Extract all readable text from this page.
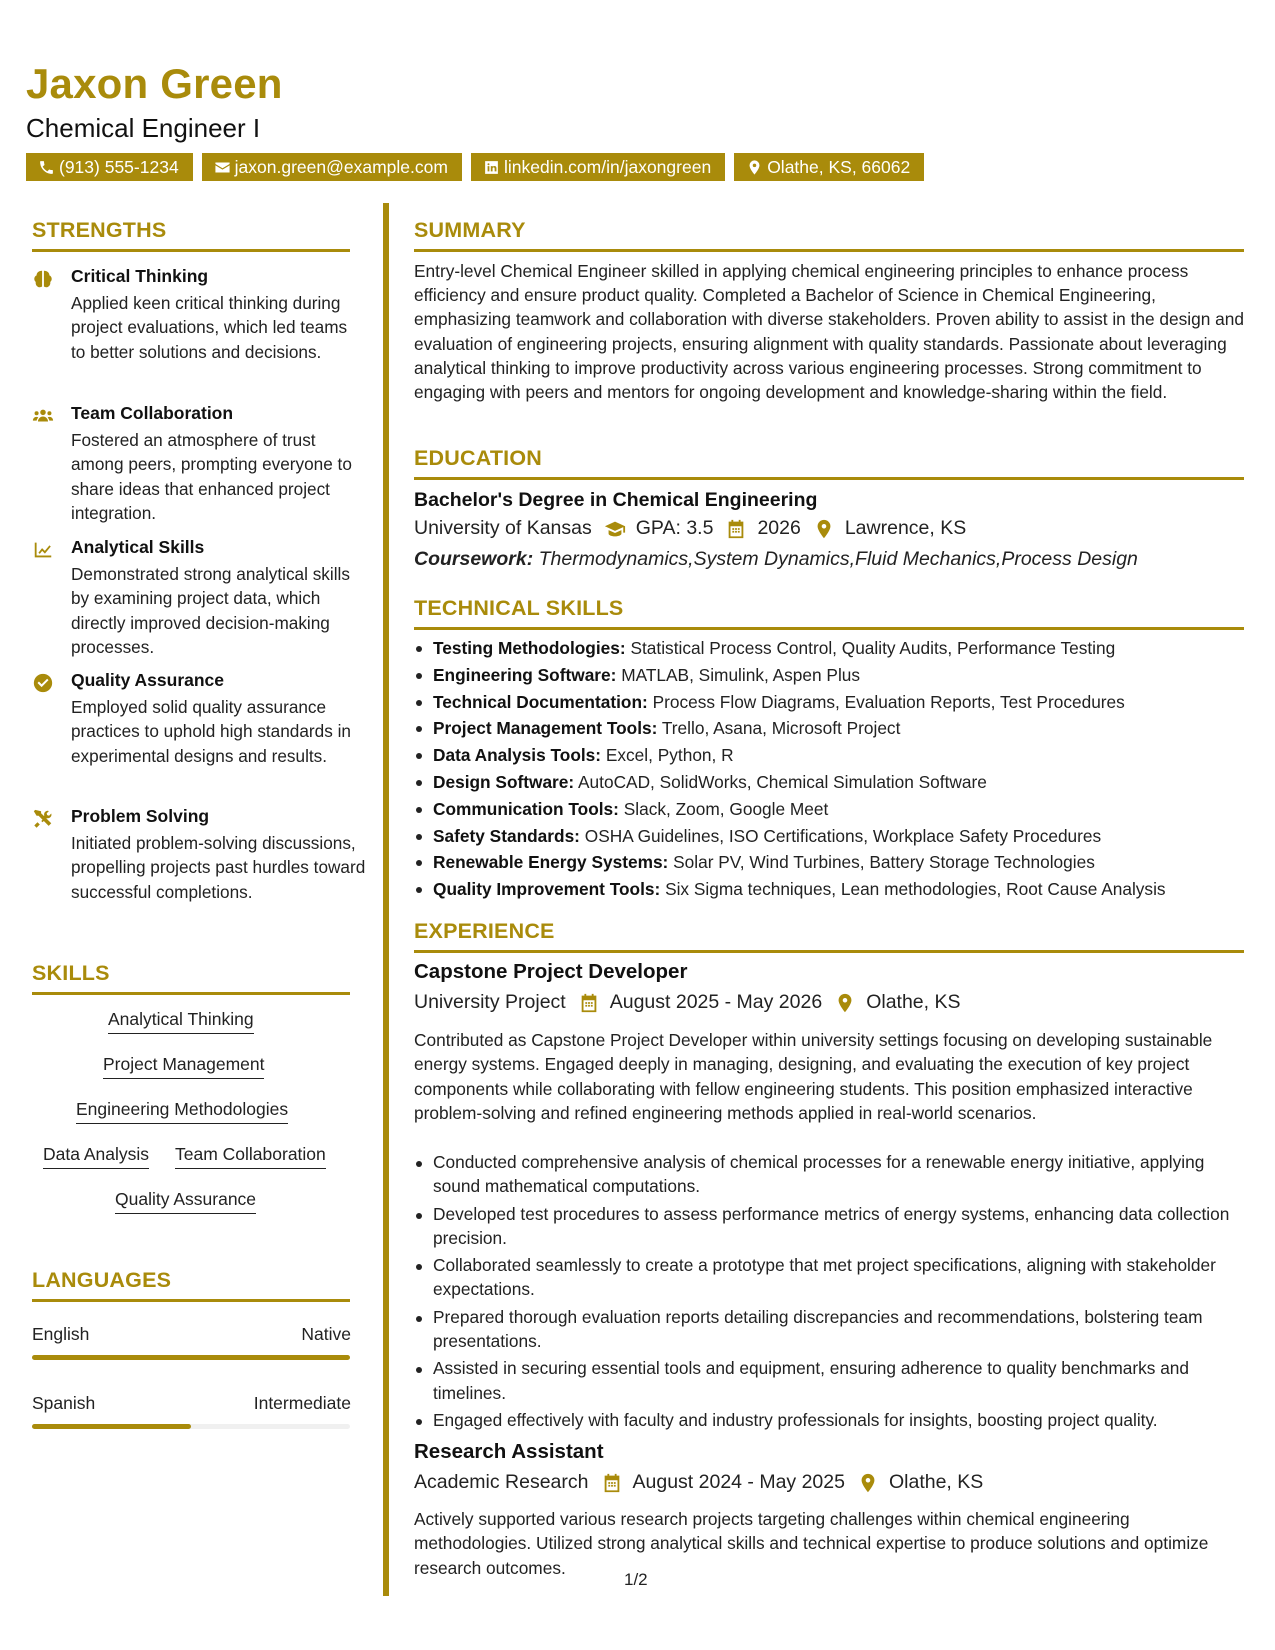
Jaxon Green
Chemical Engineer I
(913) 555-1234	jaxon.green@example.com	linkedin.com/in/jaxongreen	Olathe, KS, 66062
STRENGTHS
Critical Thinking
Applied keen critical thinking during project evaluations, which led teams to better solutions and decisions.
Team Collaboration
Fostered an atmosphere of trust among peers, prompting everyone to share ideas that enhanced project integration.
Analytical Skills
Demonstrated strong analytical skills by examining project data, which directly improved decision-making processes.
Quality Assurance
Employed solid quality assurance practices to uphold high standards in experimental designs and results.
Problem Solving
Initiated problem-solving discussions, propelling projects past hurdles toward successful completions.
SKILLS
Analytical Thinking
Project Management
Engineering Methodologies
Data Analysis Team Collaboration
Quality Assurance
LANGUAGES
English	Native
Spanish	Intermediate
SUMMARY
Entry-level Chemical Engineer skilled in applying chemical engineering principles to enhance process efficiency and ensure product quality. Completed a Bachelor of Science in Chemical Engineering, emphasizing teamwork and collaboration with diverse stakeholders. Proven ability to assist in the design and evaluation of engineering projects, ensuring alignment with quality standards. Passionate about leveraging analytical thinking to improve productivity across various engineering processes. Strong commitment to engaging with peers and mentors for ongoing development and knowledge-sharing within the field.
EDUCATION
Bachelor's Degree in Chemical Engineering
University of Kansas GPA: 3.5 2026 Lawrence, KS
Coursework: Thermodynamics,System Dynamics,Fluid Mechanics,Process Design
TECHNICAL SKILLS
Testing Methodologies: Statistical Process Control, Quality Audits, Performance Testing
Engineering Software: MATLAB, Simulink, Aspen Plus
Technical Documentation: Process Flow Diagrams, Evaluation Reports, Test Procedures
Project Management Tools: Trello, Asana, Microsoft Project
Data Analysis Tools: Excel, Python, R
Design Software: AutoCAD, SolidWorks, Chemical Simulation Software
Communication Tools: Slack, Zoom, Google Meet
Safety Standards: OSHA Guidelines, ISO Certifications, Workplace Safety Procedures
Renewable Energy Systems: Solar PV, Wind Turbines, Battery Storage Technologies
Quality Improvement Tools: Six Sigma techniques, Lean methodologies, Root Cause Analysis
EXPERIENCE
Capstone Project Developer
University Project August 2025 - May 2026 Olathe, KS
Contributed as Capstone Project Developer within university settings focusing on developing sustainable energy systems. Engaged deeply in managing, designing, and evaluating the execution of key project components while collaborating with fellow engineering students. This position emphasized interactive problem-solving and refined engineering methods applied in real-world scenarios.
Conducted comprehensive analysis of chemical processes for a renewable energy initiative, applying sound mathematical computations.
Developed test procedures to assess performance metrics of energy systems, enhancing data collection precision.
Collaborated seamlessly to create a prototype that met project specifications, aligning with stakeholder expectations.
Prepared thorough evaluation reports detailing discrepancies and recommendations, bolstering team presentations.
Assisted in securing essential tools and equipment, ensuring adherence to quality benchmarks and timelines.
Engaged effectively with faculty and industry professionals for insights, boosting project quality.
Research Assistant
Academic Research August 2024 - May 2025 Olathe, KS
Actively supported various research projects targeting challenges within chemical engineering methodologies. Utilized strong analytical skills and technical expertise to produce solutions and optimize research outcomes.
1/2
